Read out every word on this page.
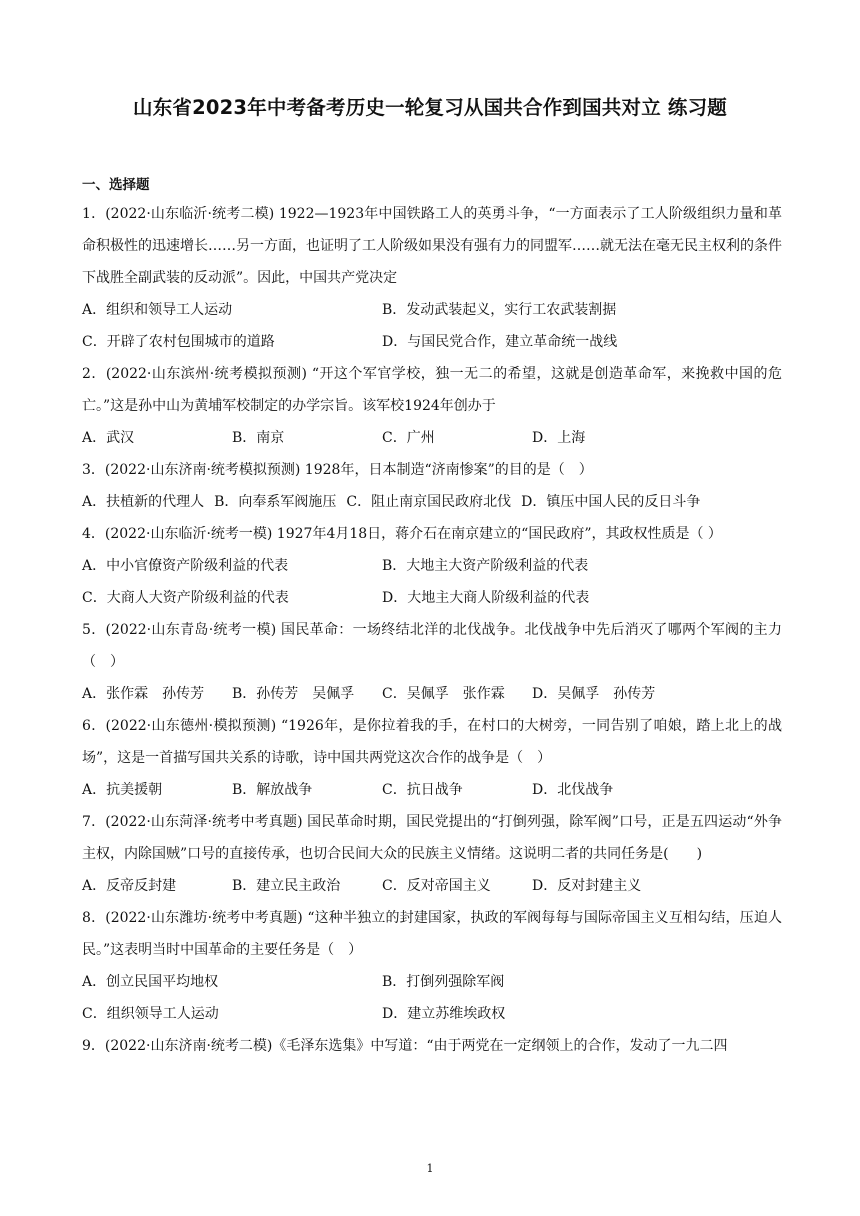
山东省2023年中考备考历史一轮复习从国共合作到国共对立 练习题
一、选择题

1．(2022·山东临沂·统考二模) 1922—1923年中国铁路工人的英勇斗争，“一方面表示了工人阶级组织力量和革命积极性的迅速增长……另一方面，也证明了工人阶级如果没有强有力的同盟军……就无法在毫无民主权利的条件下战胜全副武装的反动派”。因此，中国共产党决定

A．组织和领导工人运动	B．发动武装起义，实行工农武装割据
C．开辟了农村包围城市的道路	D．与国民党合作，建立革命统一战线

2．(2022·山东滨州·统考模拟预测) “开这个军官学校，独一无二的希望，这就是创造革命军，来挽救中国的危亡。”这是孙中山为黄埔军校制定的办学宗旨。该军校1924年创办于

A．武汉	B．南京	C．广州	D．上海

3．(2022·山东济南·统考模拟预测) 1928年，日本制造“济南惨案”的目的是（　）

A．扶植新的代理人 B．向奉系军阀施压 C．阻止南京国民政府北伐 D．镇压中国人民的反日斗争

4．(2022·山东临沂·统考一模) 1927年4月18日，蒋介石在南京建立的“国民政府”，其政权性质是（ ）

A．中小官僚资产阶级利益的代表	B．大地主大资产阶级利益的代表
C．大商人大资产阶级利益的代表	D．大地主大商人阶级利益的代表

5．(2022·山东青岛·统考一模) 国民革命：一场终结北洋的北伐战争。北伐战争中先后消灭了哪两个军阀的主力（　）

A．张作霖　孙传芳	B．孙传芳　吴佩孚	C．吴佩孚　张作霖	D．吴佩孚　孙传芳

6．(2022·山东德州·模拟预测) “1926年，是你拉着我的手，在村口的大树旁，一同告别了咱娘，踏上北上的战场”，这是一首描写国共关系的诗歌，诗中国共两党这次合作的战争是（　）

A．抗美援朝	B．解放战争	C．抗日战争	D．北伐战争

7．(2022·山东菏泽·统考中考真题) 国民革命时期，国民党提出的“打倒列强，除军阀”口号，正是五四运动“外争主权，内除国贼”口号的直接传承，也切合民间大众的民族主义情绪。这说明二者的共同任务是(　　)

A．反帝反封建	B．建立民主政治	C．反对帝国主义	D．反对封建主义

8．(2022·山东潍坊·统考中考真题) “这种半独立的封建国家，执政的军阀每每与国际帝国主义互相勾结，压迫人民。”这表明当时中国革命的主要任务是（　）

A．创立民国平均地权	B．打倒列强除军阀
C．组织领导工人运动	D．建立苏维埃政权

9．(2022·山东济南·统考二模)《毛泽东选集》中写道：“由于两党在一定纲领上的合作，发动了一九二四

1
